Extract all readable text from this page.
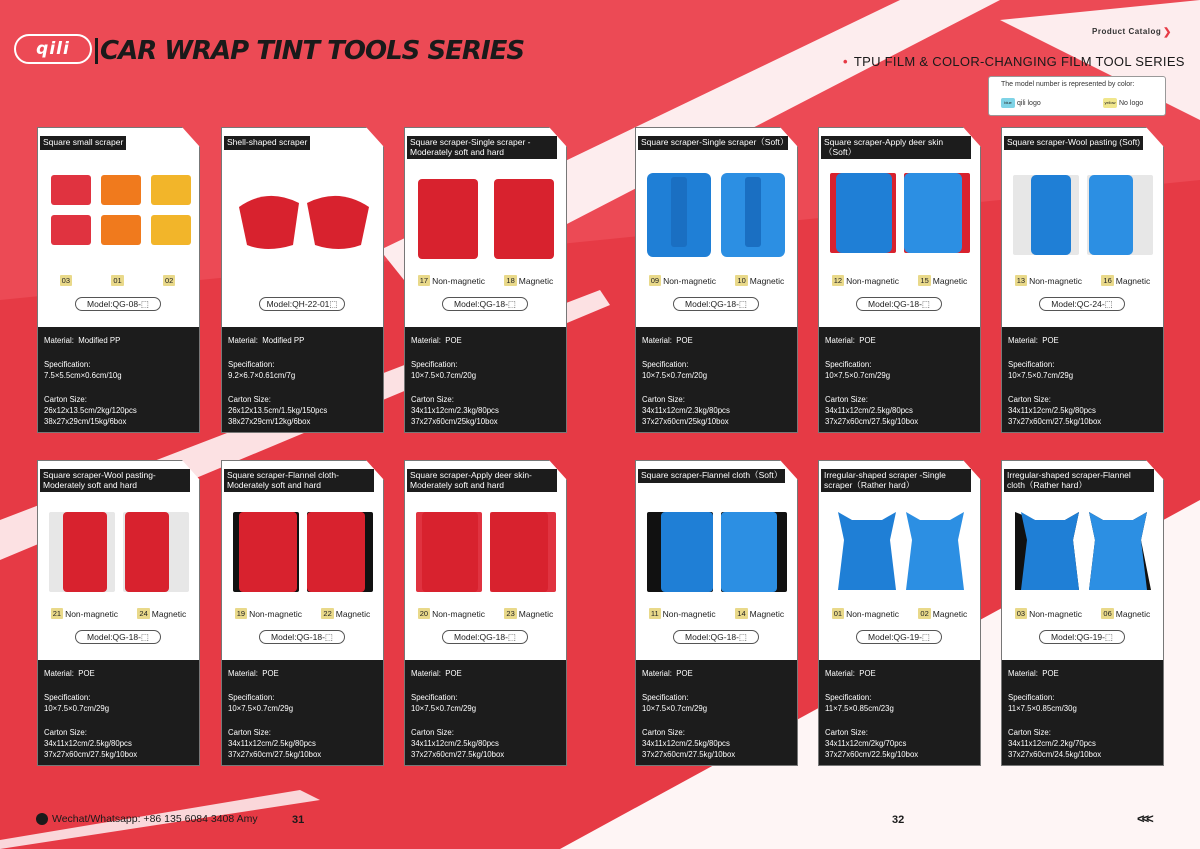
qili CAR WRAP TINT TOOLS SERIES
Product Catalog ❯
• TPU FILM & COLOR-CHANGING FILM TOOL SERIES
The model number is represented by color:
blue qili logo	yellow No logo
Square small scraper
03	01	02
Model:QG-08- ⬚
Material: Modified PP
Specification:
7.5×5.5cm×0.6cm/10g
Carton Size:
26x12x13.5cm/2kg/120pcs
38x27x29cm/15kg/6box
Shell-shaped scraper
Model:QH-22-01 ⬚
Material: Modified PP
Specification:
9.2×6.7×0.61cm/7g
Carton Size:
26x12x13.5cm/1.5kg/150pcs
38x27x29cm/12kg/6box
Square scraper-Single scraper -Moderately soft and hard
17 Non-magnetic	18 Magnetic
Model:QG-18- ⬚
Material: POE
Specification:
10×7.5×0.7cm/20g
Carton Size:
34x11x12cm/2.3kg/80pcs
37x27x60cm/25kg/10box
Square scraper-Single scraper（Soft）
09 Non-magnetic	10 Magnetic
Model:QG-18- ⬚
Material: POE
Specification:
10×7.5×0.7cm/20g
Carton Size:
34x11x12cm/2.3kg/80pcs
37x27x60cm/25kg/10box
Square scraper-Apply deer skin（Soft）
12 Non-magnetic	15 Magnetic
Model:QG-18- ⬚
Material: POE
Specification:
10×7.5×0.7cm/29g
Carton Size:
34x11x12cm/2.5kg/80pcs
37x27x60cm/27.5kg/10box
Square scraper-Wool pasting (Soft)
13 Non-magnetic	16 Magnetic
Model:QC-24- ⬚
Material: POE
Specification:
10×7.5×0.7cm/29g
Carton Size:
34x11x12cm/2.5kg/80pcs
37x27x60cm/27.5kg/10box
Square scraper-Wool pasting-Moderately soft and hard
21 Non-magnetic	24 Magnetic
Model:QG-18- ⬚
Material: POE
Specification:
10×7.5×0.7cm/29g
Carton Size:
34x11x12cm/2.5kg/80pcs
37x27x60cm/27.5kg/10box
Square scraper-Flannel cloth-Moderately soft and hard
19 Non-magnetic	22 Magnetic
Model:QG-18- ⬚
Material: POE
Specification:
10×7.5×0.7cm/29g
Carton Size:
34x11x12cm/2.5kg/80pcs
37x27x60cm/27.5kg/10box
Square scraper-Apply deer skin-Moderately soft and hard
20 Non-magnetic	23 Magnetic
Model:QG-18- ⬚
Material: POE
Specification:
10×7.5×0.7cm/29g
Carton Size:
34x11x12cm/2.5kg/80pcs
37x27x60cm/27.5kg/10box
Square scraper-Flannel cloth（Soft）
11 Non-magnetic	14 Magnetic
Model:QG-18- ⬚
Material: POE
Specification:
10×7.5×0.7cm/29g
Carton Size:
34x11x12cm/2.5kg/80pcs
37x27x60cm/27.5kg/10box
Irregular-shaped scraper -Single scraper（Rather hard）
01 Non-magnetic	02 Magnetic
Model:QG-19- ⬚
Material: POE
Specification:
11×7.5×0.85cm/23g
Carton Size:
34x11x12cm/2kg/70pcs
37x27x60cm/22.5kg/10box
Irregular-shaped scraper-Flannel cloth（Rather hard）
03 Non-magnetic	06 Magnetic
Model:QG-19- ⬚
Material: POE
Specification:
11×7.5×0.85cm/30g
Carton Size:
34x11x12cm/2.2kg/70pcs
37x27x60cm/24.5kg/10box
Wechat/Whatsapp: +86 135 6084 3408 Amy	31	32	<<<
